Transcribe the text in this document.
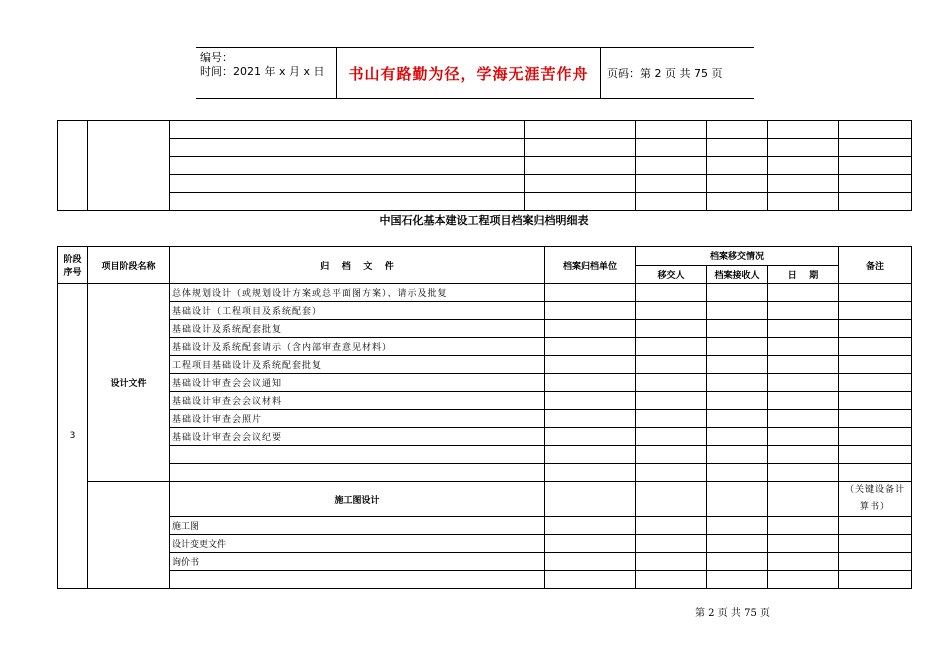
编号：
时间：2021 年 x 月 x 日	书山有路勤为径，学海无涯苦作舟	页码：第 2 页 共 75 页

中国石化基本建设工程项目档案归档明细表
阶段序号	项目阶段名称	归    档    文    件	档案归档单位	档案移交情况			备注
				移交人	档案接收人	日    期	
3	设计文件	总体规划设计（或规划设计方案或总平面图方案）、请示及批复					
		基础设计（工程项目及系统配套）					
		基础设计及系统配套批复					
		基础设计及系统配套请示（含内部审查意见材料）					
		工程项目基础设计及系统配套批复					
		基础设计审查会会议通知					
		基础设计审查会会议材料					
		基础设计审查会照片					
		基础设计审查会会议纪要					

		施工图设计					（关键设备计算书）
		施工图					
		设计变更文件					
		询价书					

第 2 页 共 75 页
